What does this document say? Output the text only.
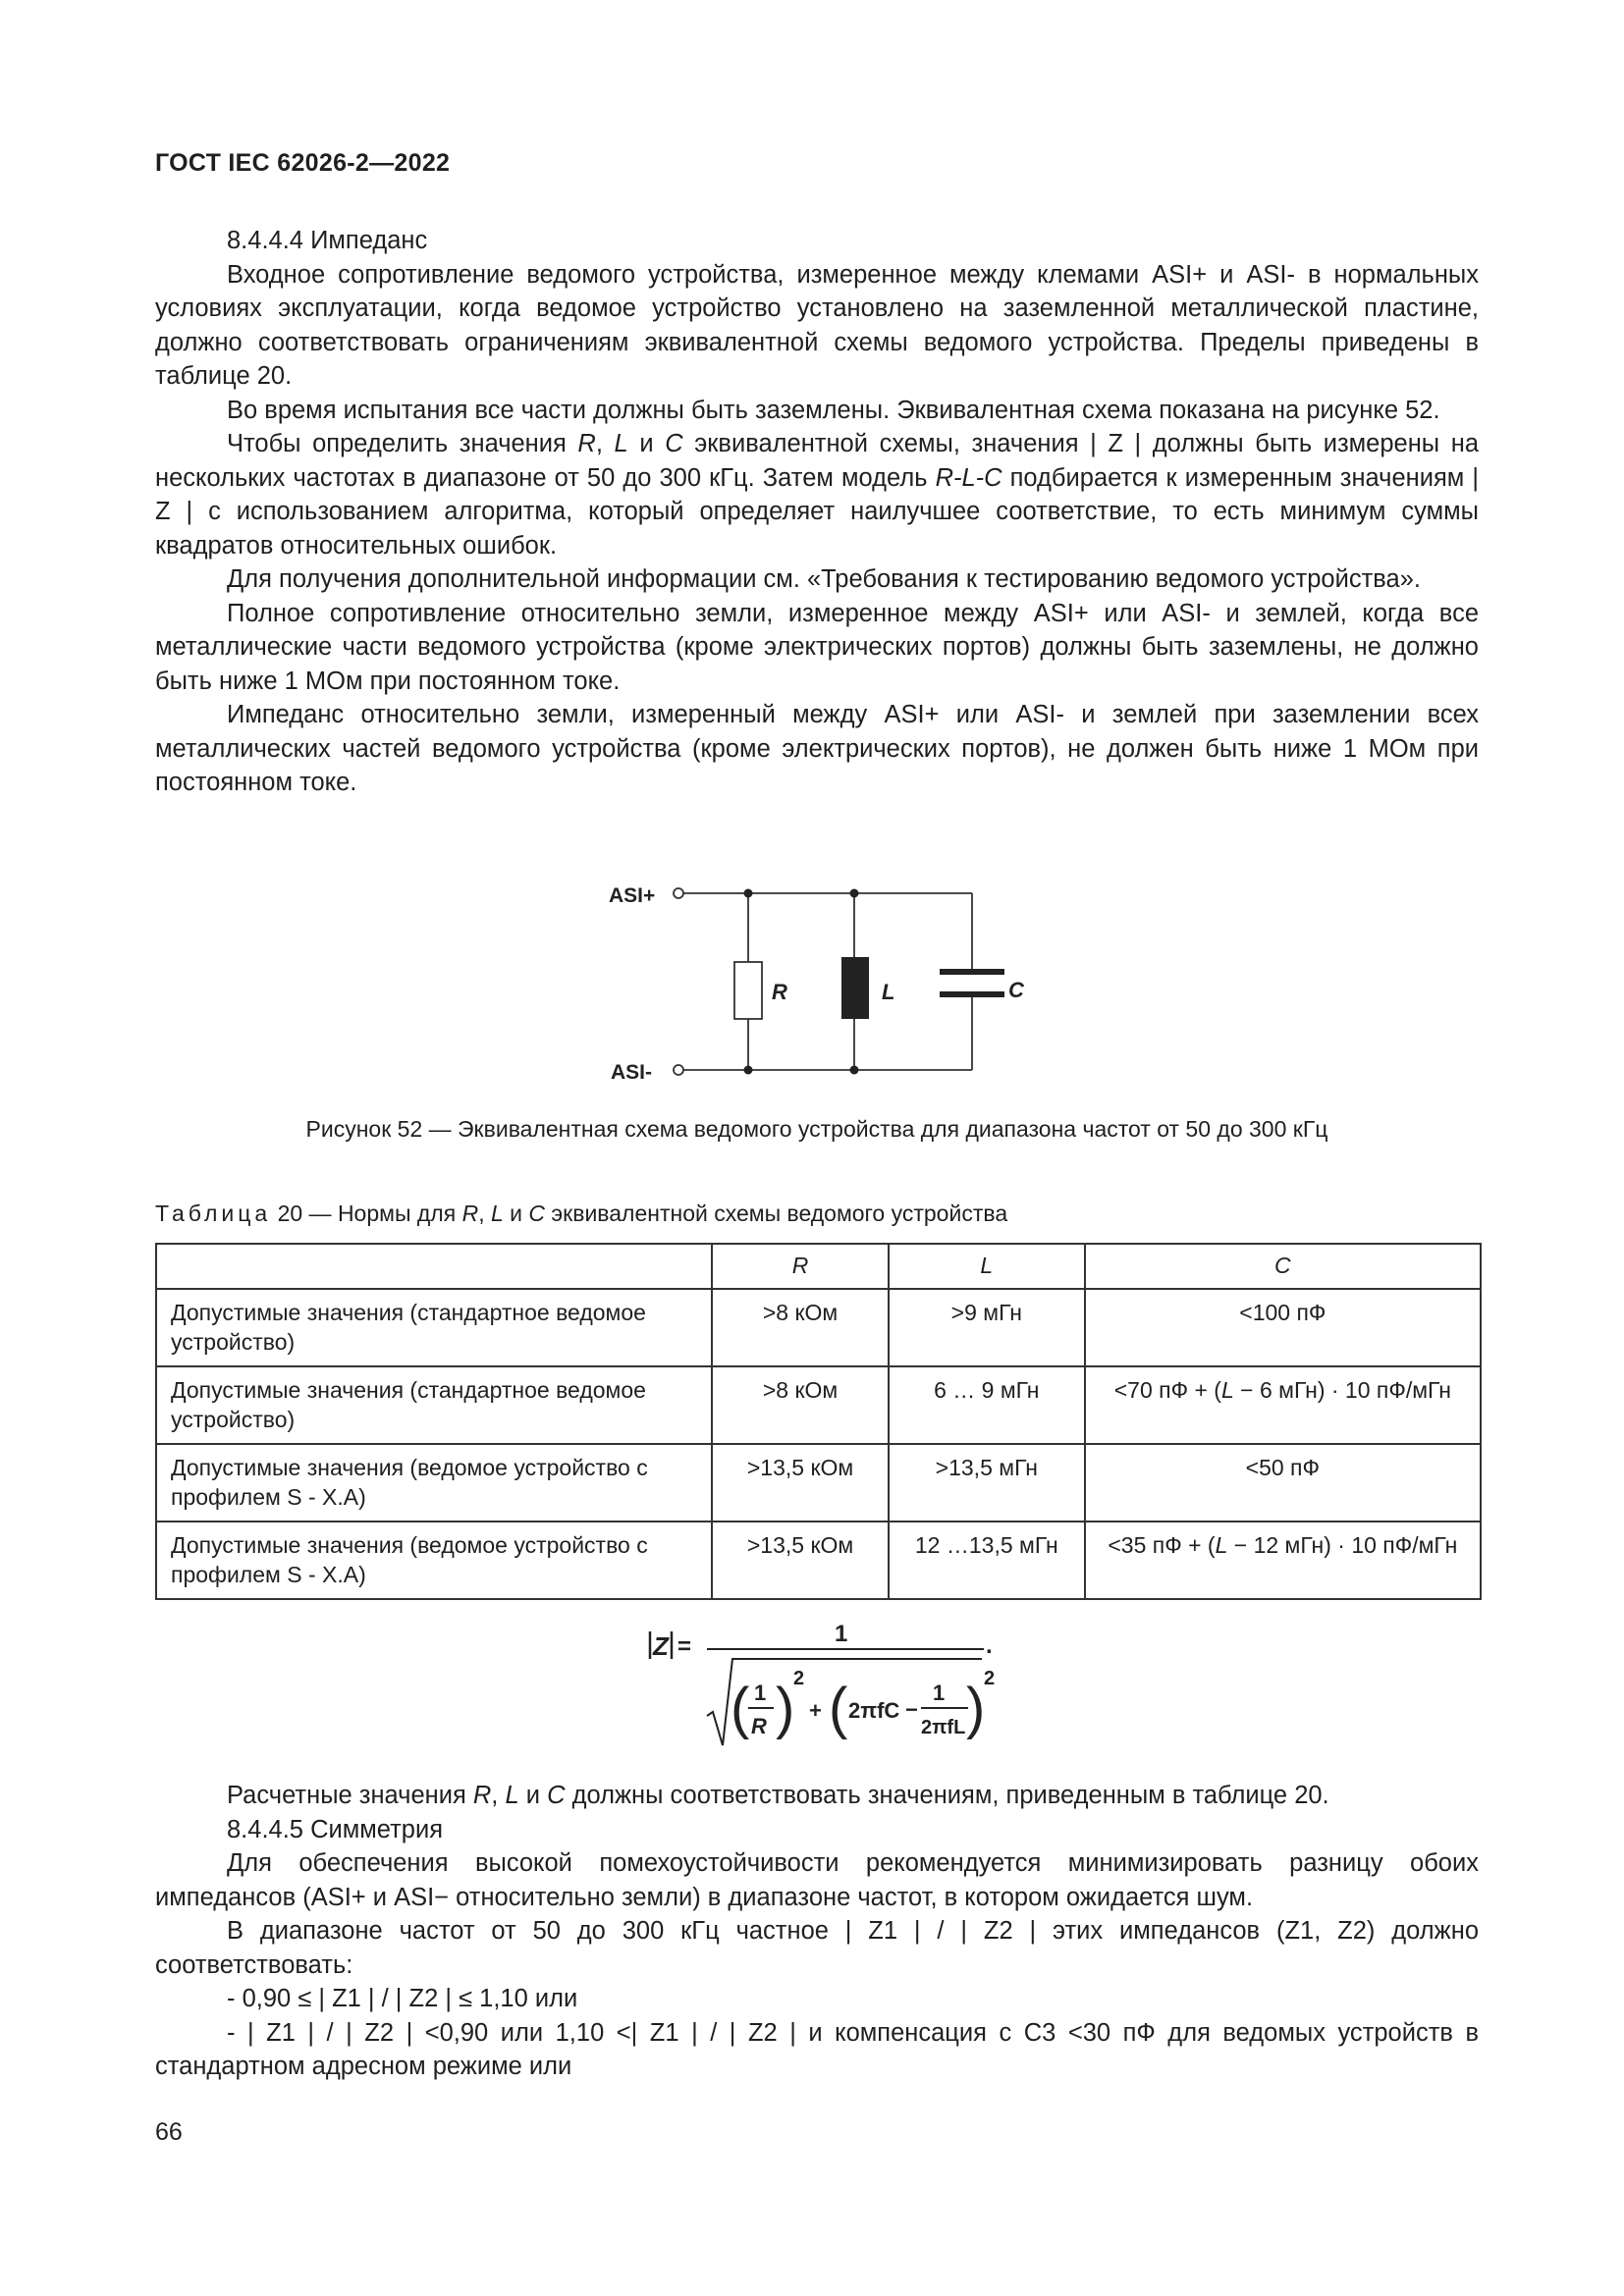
ГОСТ IEC 62026-2—2022

8.4.4.4 Импеданс

Входное сопротивление ведомого устройства, измеренное между клемами ASI+ и ASI- в нормальных условиях эксплуатации, когда ведомое устройство установлено на заземленной металлической пластине, должно соответствовать ограничениям эквивалентной схемы ведомого устройства. Пределы приведены в таблице 20.

Во время испытания все части должны быть заземлены. Эквивалентная схема показана на рисунке 52.

Чтобы определить значения R, L и C эквивалентной схемы, значения | Z | должны быть измерены на нескольких частотах в диапазоне от 50 до 300 кГц. Затем модель R-L-C подбирается к измеренным значениям | Z | с использованием алгоритма, который определяет наилучшее соответствие, то есть минимум суммы квадратов относительных ошибок.

Для получения дополнительной информации см. «Требования к тестированию ведомого устройства».

Полное сопротивление относительно земли, измеренное между ASI+ или ASI- и землей, когда все металлические части ведомого устройства (кроме электрических портов) должны быть заземлены, не должно быть ниже 1 МОм при постоянном токе.

Импеданс относительно земли, измеренный между ASI+ или ASI- и землей при заземлении всех металлических частей ведомого устройства (кроме электрических портов), не должен быть ниже 1 МОм при постоянном токе.

ASI+
ASI-
R	L	C
Рисунок 52 — Эквивалентная схема ведомого устройства для диапазона частот от 50 до 300 кГц
Таблица 20 — Нормы для R, L и C эквивалентной схемы ведомого устройства
	R	L	C
Допустимые значения (стандартное ведомое устройство)	>8 кОм	>9 мГн	<100 пФ
Допустимые значения (стандартное ведомое устройство)	>8 кОм	6 … 9 мГн	<70 пФ + (L − 6 мГн) · 10 пФ/мГн
Допустимые значения (ведомое устройство с профилем S - X.A)	>13,5 кОм	>13,5 мГн	<50 пФ
Допустимые значения (ведомое устройство с профилем S - X.A)	>13,5 кОм	12 …13,5 мГн	<35 пФ + (L − 12 мГн) · 10 пФ/мГн
Z =	1	.
( 1
R )
2
+ ( 2πfC −
1
2πfL )
2

Расчетные значения R, L и C должны соответствовать значениям, приведенным в таблице 20.

8.4.4.5 Симметрия

Для обеспечения высокой помехоустойчивости рекомендуется минимизировать разницу обоих импедансов (ASI+ и ASI− относительно земли) в диапазоне частот, в котором ожидается шум.

В диапазоне частот от 50 до 300 кГц частное | Z1 | / | Z2 | этих импедансов (Z1, Z2) должно соответствовать:

- 0,90 ≤ | Z1 | / | Z2 | ≤ 1,10 или

- | Z1 | / | Z2 | <0,90 или 1,10 <| Z1 | / | Z2 | и компенсация с C3 <30 пФ для ведомых устройств в стандартном адресном режиме или

66
